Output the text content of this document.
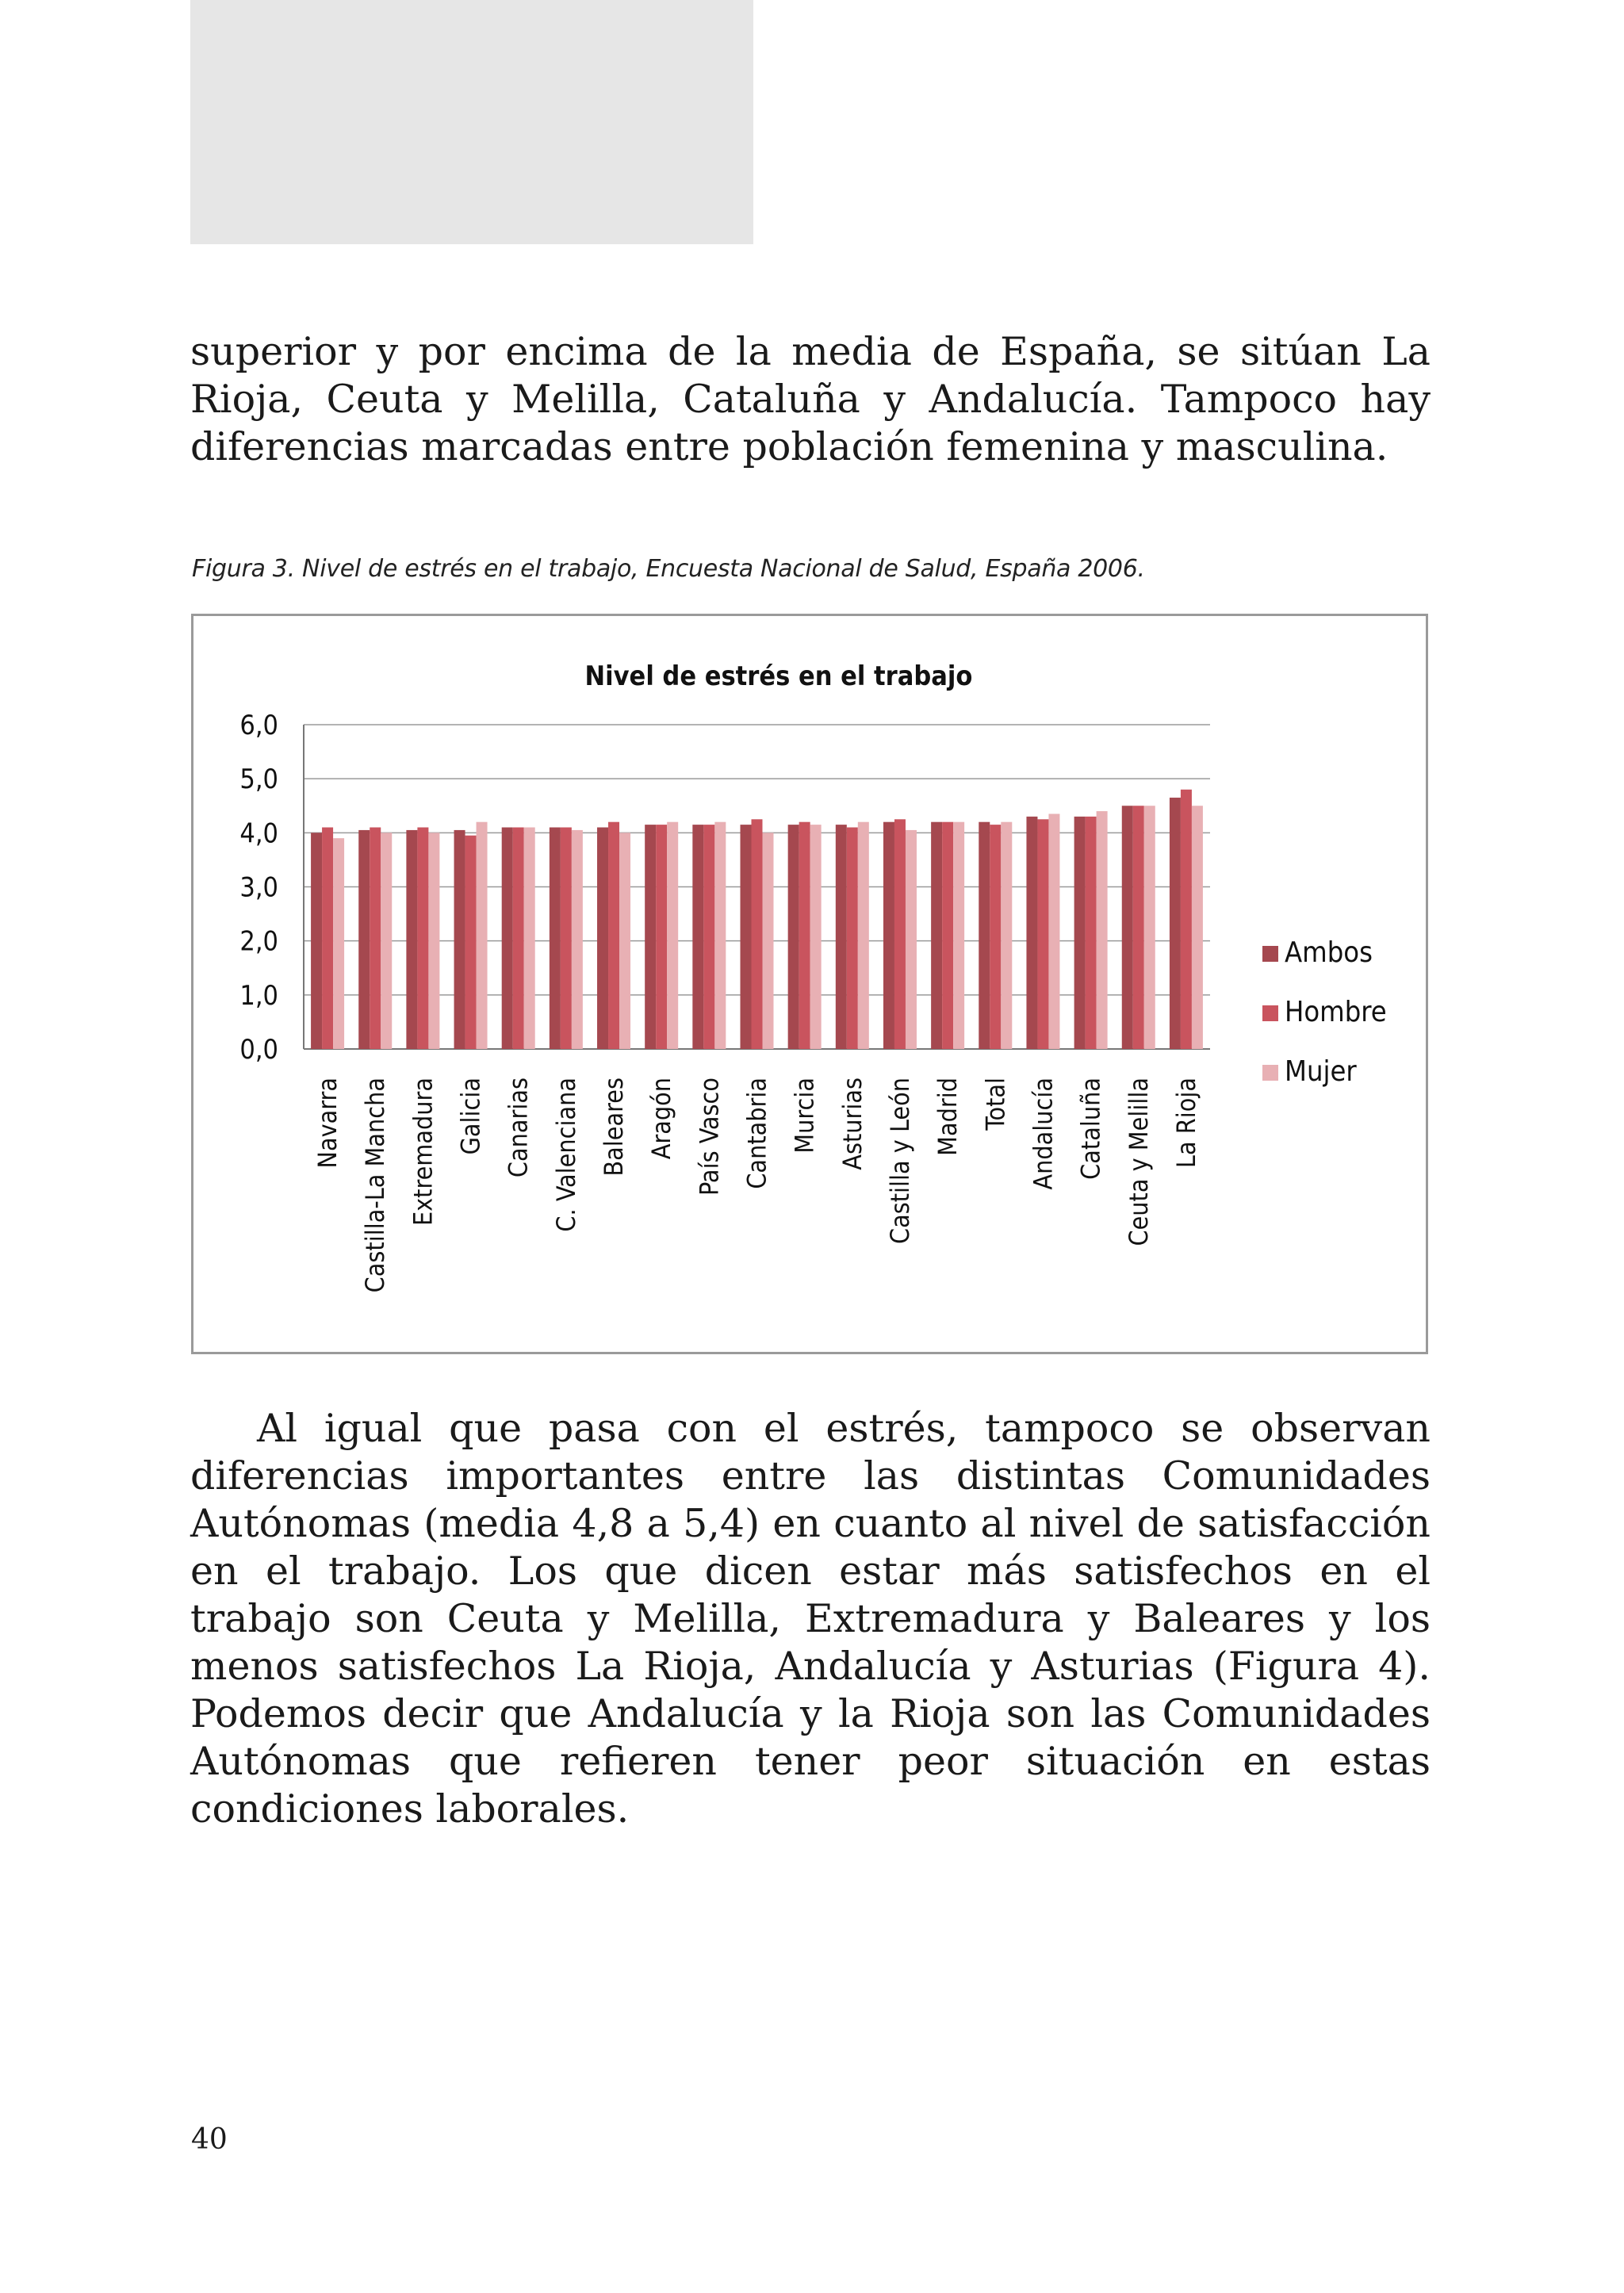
superior y por encima de la media de España, se sitúan La Rioja, Ceuta y Melilla, Cataluña y Andalucía. Tampoco hay diferencias marcadas entre población femenina y masculina.

Figura 3. Nivel de estrés en el trabajo, Encuesta Nacional de Salud, España 2006.
Nivel de estrés en el trabajo
0,0
1,0
2,0
3,0
4,0
5,0
6,0
Navarra Castilla-La Mancha Extremadura Galicia Canarias C. Valenciana Baleares Aragón País Vasco Cantabria Murcia Asturias Castilla y León Madrid Total Andalucía Cataluña Ceuta y Melilla La Rioja
Ambos
Hombre
Mujer

Al igual que pasa con el estrés, tampoco se observan diferencias importantes entre las distintas Comunidades Autónomas (media 4,8 a 5,4) en cuanto al nivel de satisfacción en el trabajo. Los que dicen estar más satisfechos en el trabajo son Ceuta y Melilla, Extremadura y Baleares y los menos satisfechos La Rioja, Andalucía y Asturias (Figura 4). Podemos decir que Andalucía y la Rioja son las Comunidades Autónomas que refieren tener peor situación en estas condiciones laborales.

40
